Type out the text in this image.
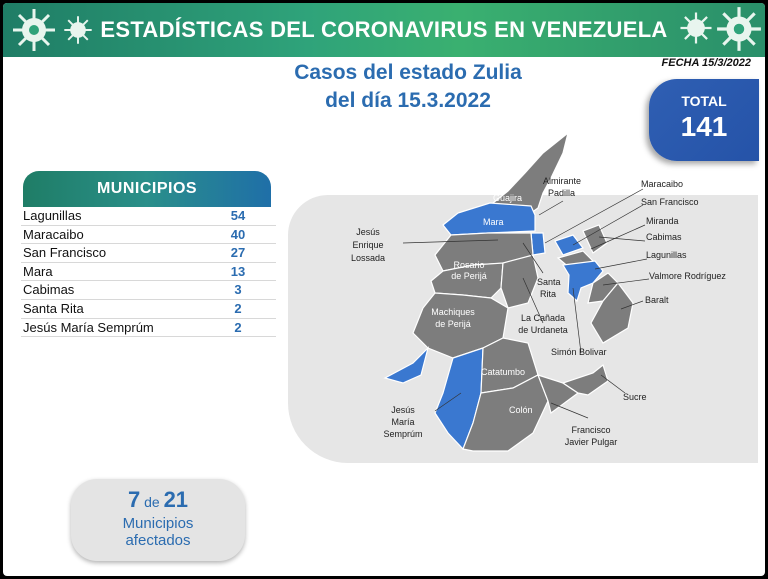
ESTADÍSTICAS DEL CORONAVIRUS EN VENEZUELA
FECHA 15/3/2022
Casos del estado Zulia
del día 15.3.2022	TOTAL
141
MUNICIPIOS
Lagunillas	54
Maracaibo	40
San Francisco	27
Mara	13
Cabimas	3
Santa Rita	2
Jesús María Semprúm	2
Almirante
Padilla
Maracaibo
San Francisco
Miranda
Cabimas
Lagunillas
Valmore Rodríguez
Baralt
Jesús
Enrique
Lossada
Santa
Rita
La Cañada
de Urdaneta
Simón Bolivar
Sucre
Francisco
Javier Pulgar
Jesús
María
Semprúm
Guajira
Mara
Rosario
de Perijá
Machiques
de Perijá
Catatumbo
Colón
7 de 21
Municipios
afectados
